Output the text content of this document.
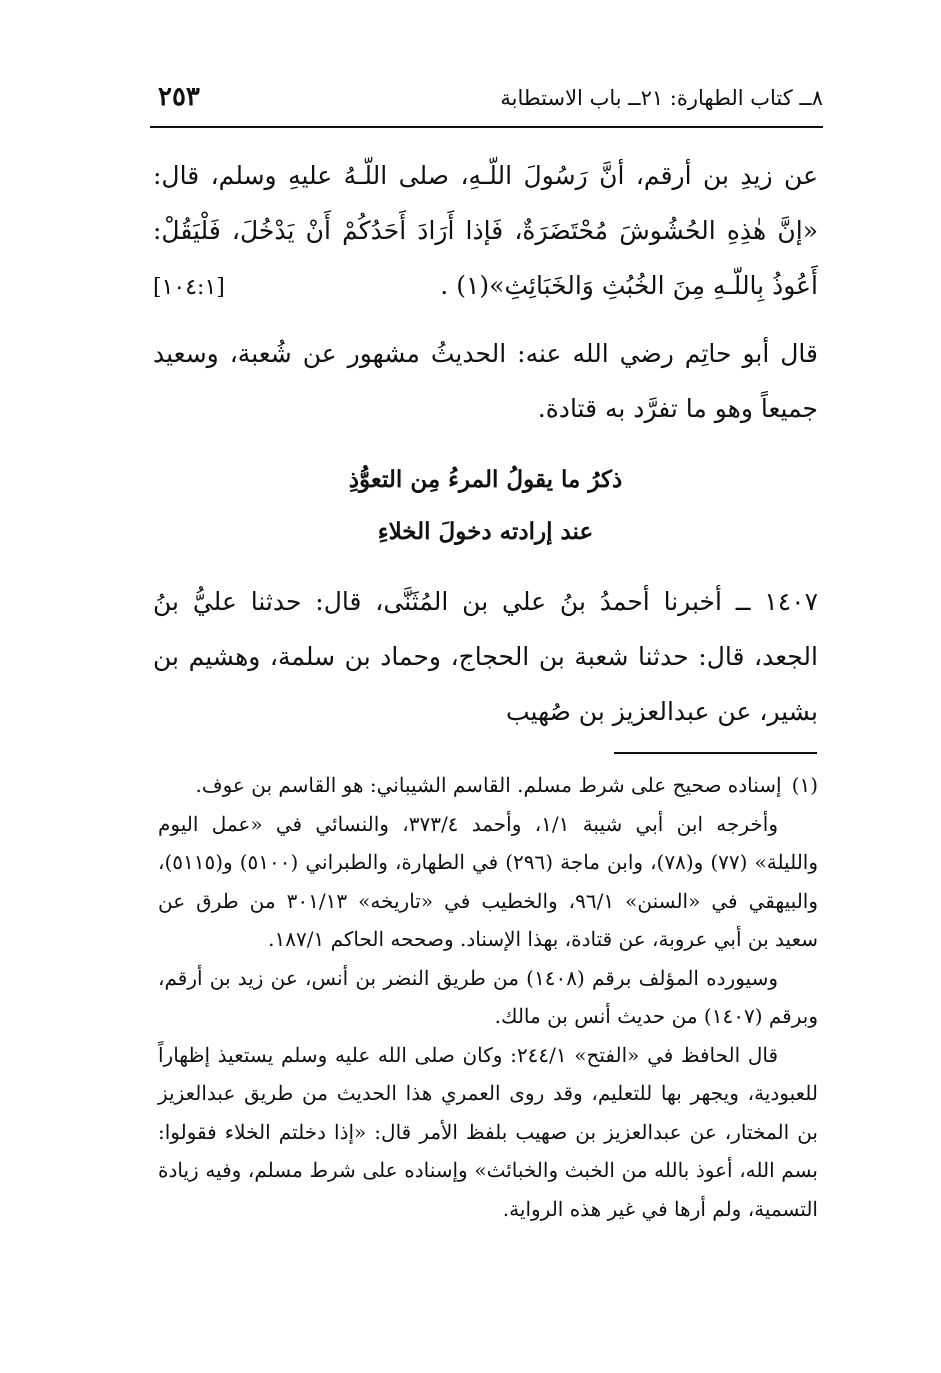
٨ــ كتاب الطهارة: ٢١ــ باب الاستطابة
٢٥٣

عن زيدِ بن أرقم، أنَّ رَسُولَ اللّـهِ، صلى اللّـهُ عليهِ وسلم، قال: «إنَّ هٰذِهِ الحُشُوشَ مُحْتَضَرَةٌ، فَإذا أَرَادَ أَحَدُكُمْ أَنْ يَدْخُلَ، فَلْيَقُلْ: أَعُوذُ بِاللّـهِ مِنَ الخُبُثِ وَالخَبَائِثِ»(١) .
[١٠٤:١]

قال أبو حاتِم رضي الله عنه: الحديثُ مشهور عن شُعبة، وسعيد جميعاً وهو ما تفرَّد به قتادة.

ذكرُ ما يقولُ المرءُ مِن التعوُّذِ
عند إرادته دخولَ الخلاءِ

١٤٠٧ ــ أخبرنا أحمدُ بنُ علي بن المُثَنَّى، قال: حدثنا عليُّ بنُ الجعد، قال: حدثنا شعبة بن الحجاج، وحماد بن سلمة، وهشيم بن بشير، عن عبدالعزيز بن صُهيب

(١)إسناده صحيح على شرط مسلم. القاسم الشيباني: هو القاسم بن عوف.

وأخرجه ابن أبي شيبة ١/١، وأحمد ٣٧٣/٤، والنسائي في «عمل اليوم والليلة» (٧٧) و(٧٨)، وابن ماجة (٢٩٦) في الطهارة، والطبراني (٥١٠٠) و(٥١١٥)، والبيهقي في «السنن» ٩٦/١، والخطيب في «تاريخه» ٣٠١/١٣ من طرق عن سعيد بن أبي عروبة، عن قتادة، بهذا الإسناد. وصححه الحاكم ١٨٧/١.

وسيورده المؤلف برقم (١٤٠٨) من طريق النضر بن أنس، عن زيد بن أرقم، وبرقم (١٤٠٧) من حديث أنس بن مالك.

قال الحافظ في «الفتح» ٢٤٤/١: وكان صلى الله عليه وسلم يستعيذ إظهاراً للعبودية، ويجهر بها للتعليم، وقد روى العمري هذا الحديث من طريق عبدالعزيز بن المختار، عن عبدالعزيز بن صهيب بلفظ الأمر قال: «إذا دخلتم الخلاء فقولوا: بسم الله، أعوذ بالله من الخبث والخبائث» وإسناده على شرط مسلم، وفيه زيادة التسمية، ولم أرها في غير هذه الرواية.
